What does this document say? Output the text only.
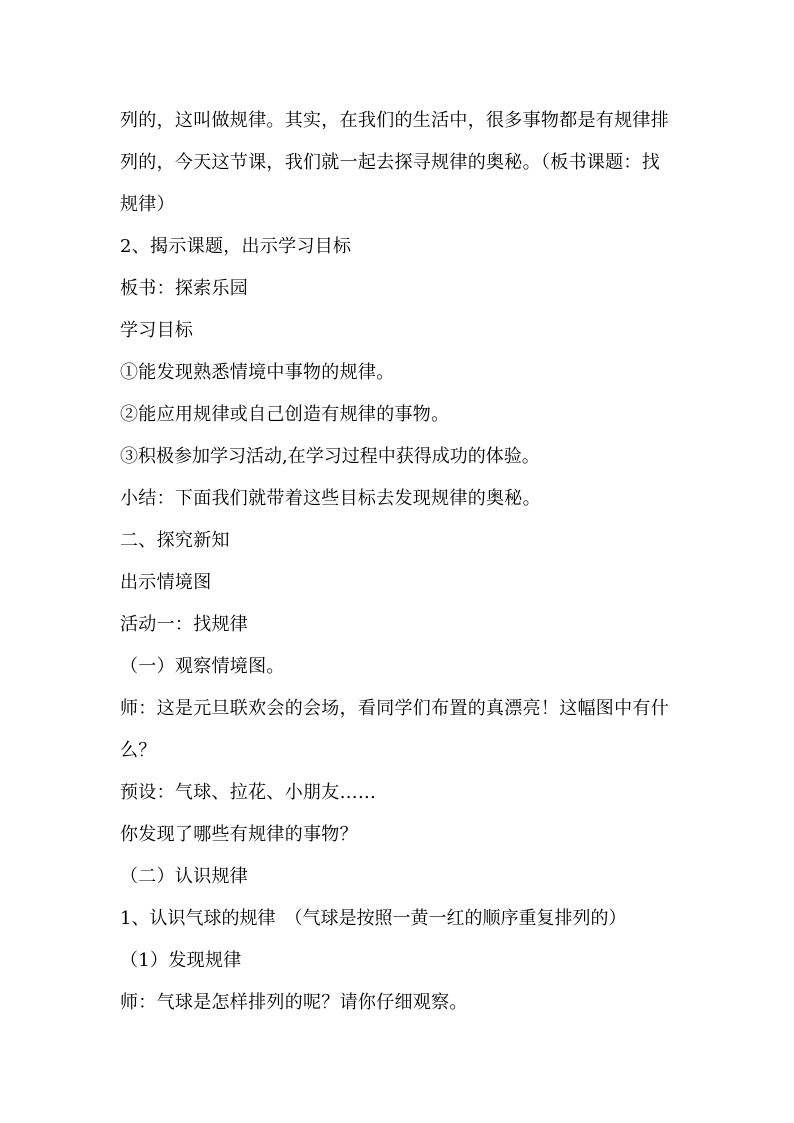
列的，这叫做规律。其实，在我们的生活中，很多事物都是有规律排
列的，今天这节课，我们就一起去探寻规律的奥秘。（板书课题：找
规律）
2、揭示课题，出示学习目标
板书：探索乐园
学习目标
①能发现熟悉情境中事物的规律。
②能应用规律或自己创造有规律的事物。
③积极参加学习活动,在学习过程中获得成功的体验。
小结：下面我们就带着这些目标去发现规律的奥秘。
二、探究新知
出示情境图
活动一：找规律
（一）观察情境图。
师：这是元旦联欢会的会场，看同学们布置的真漂亮！这幅图中有什
么？
预设：气球、拉花、小朋友……
你发现了哪些有规律的事物？
（二）认识规律
1、认识气球的规律　（气球是按照一黄一红的顺序重复排列的）
（1）发现规律
师：气球是怎样排列的呢？请你仔细观察。
